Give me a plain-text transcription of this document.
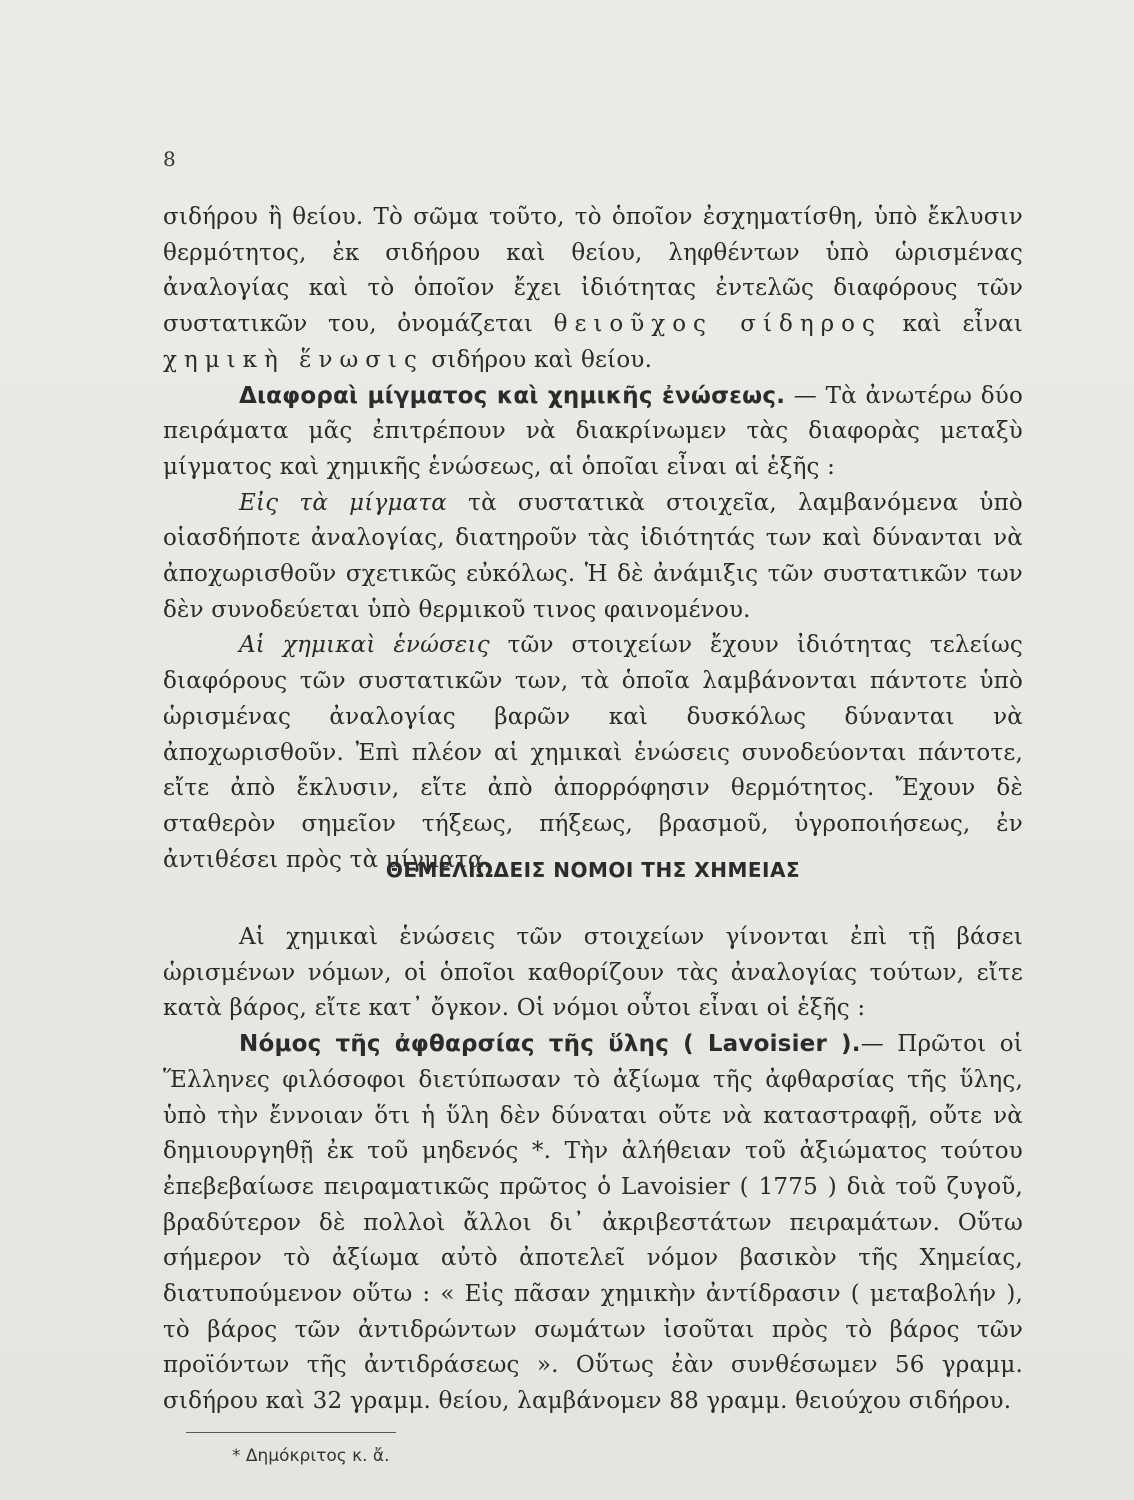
8

σιδήρου ἢ θείου. Τὸ σῶμα τοῦτο, τὸ ὁποῖον ἐσχηματίσθη, ὑπὸ ἔκλυσιν θερμότητος, ἐκ σιδήρου καὶ θείου, ληφθέντων ὑπὸ ὡρισμένας ἀναλογίας καὶ τὸ ὁποῖον ἔχει ἰδιότητας ἐντελῶς διαφόρους τῶν συστατικῶν του, ὀνομάζεται θειοῦχος σίδηρος καὶ εἶναι χημικὴ ἕνωσις σιδήρου καὶ θείου.

Διαφοραὶ μίγματος καὶ χημικῆς ἐνώσεως. — Τὰ ἀνωτέρω δύο πειράματα μᾶς ἐπιτρέπουν νὰ διακρίνωμεν τὰς διαφορὰς μεταξὺ μίγματος καὶ χημικῆς ἑνώσεως, αἱ ὁποῖαι εἶναι αἱ ἑξῆς :

Εἰς τὰ μίγματα τὰ συστατικὰ στοιχεῖα, λαμβανόμενα ὑπὸ οἱασδήποτε ἀναλογίας, διατηροῦν τὰς ἰδιότητάς των καὶ δύνανται νὰ ἀποχωρισθοῦν σχετικῶς εὐκόλως. Ἡ δὲ ἀνάμιξις τῶν συστατικῶν των δὲν συνοδεύεται ὑπὸ θερμικοῦ τινος φαινομένου.

Αἱ χημικαὶ ἑνώσεις τῶν στοιχείων ἔχουν ἰδιότητας τελείως διαφόρους τῶν συστατικῶν των, τὰ ὁποῖα λαμβάνονται πάντοτε ὑπὸ ὡρισμένας ἀναλογίας βαρῶν καὶ δυσκόλως δύνανται νὰ ἀποχωρισθοῦν. Ἐπὶ πλέον αἱ χημικαὶ ἑνώσεις συνοδεύονται πάντοτε, εἴτε ἀπὸ ἔκλυσιν, εἴτε ἀπὸ ἀπορρόφησιν θερμότητος. Ἔχουν δὲ σταθερὸν σημεῖον τήξεως, πήξεως, βρασμοῦ, ὑγροποιήσεως, ἐν ἀντιθέσει πρὸς τὰ μίγματα.

ΘΕΜΕΛΙΩΔΕΙΣ ΝΟΜΟΙ ΤΗΣ ΧΗΜΕΙΑΣ

Αἱ χημικαὶ ἑνώσεις τῶν στοιχείων γίνονται ἐπὶ τῇ βάσει ὡρισμένων νόμων, οἱ ὁποῖοι καθορίζουν τὰς ἀναλογίας τούτων, εἴτε κατὰ βάρος, εἴτε κατ᾽ ὄγκον. Οἱ νόμοι οὗτοι εἶναι οἱ ἑξῆς :

Νόμος τῆς ἀφθαρσίας τῆς ὕλης ( Lavoisier ).— Πρῶτοι οἱ Ἕλληνες φιλόσοφοι διετύπωσαν τὸ ἀξίωμα τῆς ἀφθαρσίας τῆς ὕλης, ὑπὸ τὴν ἔννοιαν ὅτι ἡ ὕλη δὲν δύναται οὔτε νὰ καταστραφῇ, οὔτε νὰ δημιουργηθῇ ἐκ τοῦ μηδενός *. Τὴν ἀλήθειαν τοῦ ἀξιώματος τούτου ἐπεβεβαίωσε πειραματικῶς πρῶτος ὁ Lavoisier ( 1775 ) διὰ τοῦ ζυγοῦ, βραδύτερον δὲ πολλοὶ ἄλλοι δι᾽ ἀκριβεστάτων πειραμάτων. Οὕτω σήμερον τὸ ἀξίωμα αὐτὸ ἀποτελεῖ νόμον βασικὸν τῆς Χημείας, διατυπούμενον οὕτω : « Εἰς πᾶσαν χημικὴν ἀντίδρασιν ( μεταβολήν ), τὸ βάρος τῶν ἀντιδρώντων σωμάτων ἰσοῦται πρὸς τὸ βάρος τῶν προϊόντων τῆς ἀντιδράσεως ». Οὕτως ἐὰν συνθέσωμεν 56 γραμμ. σιδήρου καὶ 32 γραμμ. θείου, λαμβάνομεν 88 γραμμ. θειούχου σιδήρου.

* Δημόκριτος κ. ἄ.
